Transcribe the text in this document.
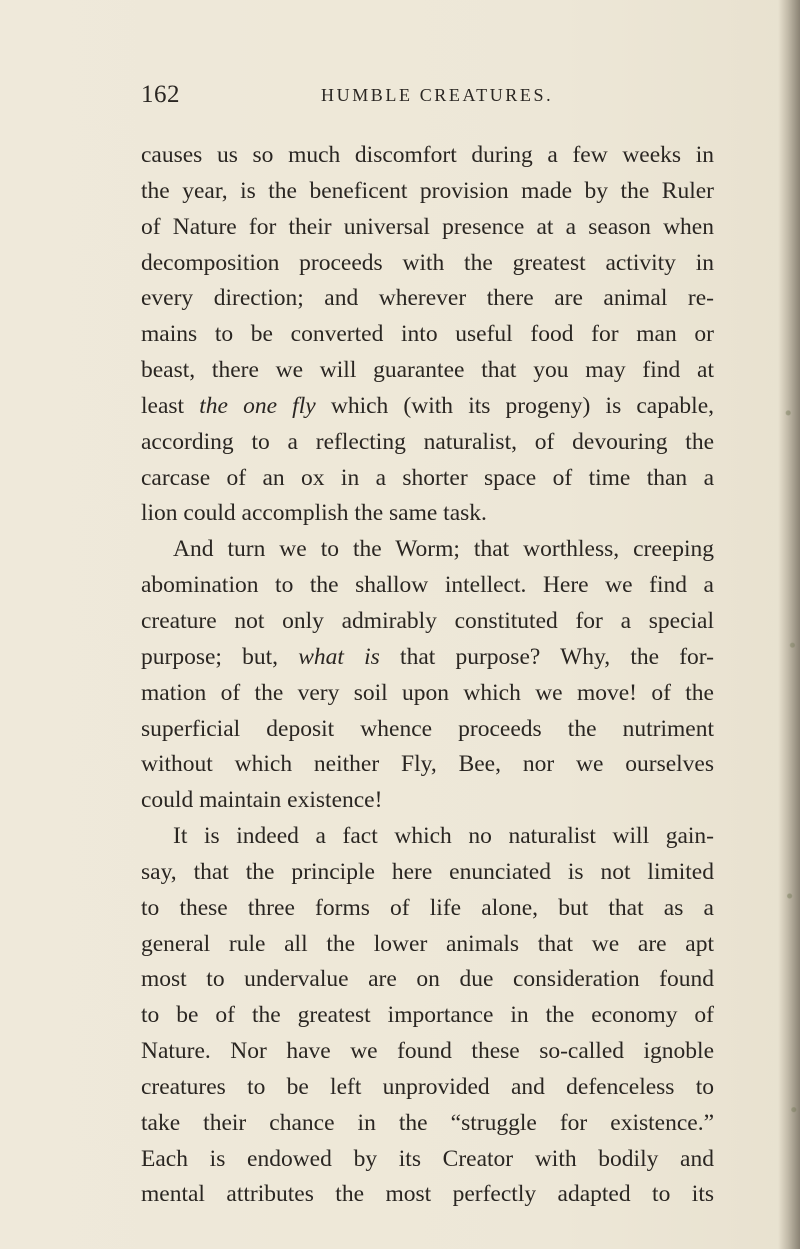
162	HUMBLE CREATURES.
causes us so much discomfort during a few weeks in
the year, is the beneficent provision made by the Ruler
of Nature for their universal presence at a season when
decomposition proceeds with the greatest activity in
every direction; and wherever there are animal re-
mains to be converted into useful food for man or
beast, there we will guarantee that you may find at
least the one fly which (with its progeny) is capable,
according to a reflecting naturalist, of devouring the
carcase of an ox in a shorter space of time than a
lion could accomplish the same task.
And turn we to the Worm; that worthless, creeping
abomination to the shallow intellect. Here we find a
creature not only admirably constituted for a special
purpose; but, what is that purpose? Why, the for-
mation of the very soil upon which we move! of the
superficial deposit whence proceeds the nutriment
without which neither Fly, Bee, nor we ourselves
could maintain existence!
It is indeed a fact which no naturalist will gain-
say, that the principle here enunciated is not limited
to these three forms of life alone, but that as a
general rule all the lower animals that we are apt
most to undervalue are on due consideration found
to be of the greatest importance in the economy of
Nature. Nor have we found these so-called ignoble
creatures to be left unprovided and defenceless to
take their chance in the “struggle for existence.”
Each is endowed by its Creator with bodily and
mental attributes the most perfectly adapted to its
